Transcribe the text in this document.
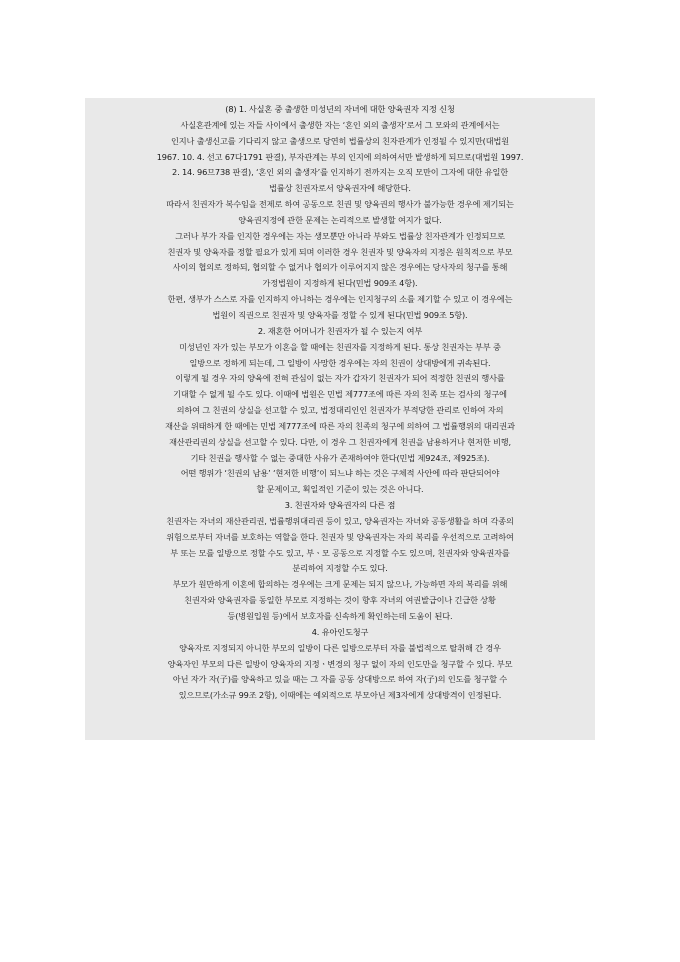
(8) 1. 사실혼 중 출생한 미성년의 자녀에 대한 양육권자 지정 신청
사실혼관계에 있는 자들 사이에서 출생한 자는 ‘혼인 외의 출생자’로서 그 모와의 관계에서는
인지나 출생신고를 기다리지 않고 출생으로 당연히 법률상의 친자관계가 인정될 수 있지만(대법원
1967. 10. 4. 선고 67다1791 판결), 부자관계는 부의 인지에 의하여서만 발생하게 되므로(대법원 1997.
2. 14. 96므738 판결), ‘혼인 외의 출생자’를 인지하기 전까지는 오직 모만이 그자에 대한 유일한
법률상 친권자로서 양육권자에 해당한다.
따라서 친권자가 복수임을 전제로 하여 공동으로 친권 및 양육권의 행사가 불가능한 경우에 제기되는
양육권지정에 관한 문제는 논리적으로 발생할 여지가 없다.
그러나 부가 자를 인지한 경우에는 자는 생모뿐만 아니라 부와도 법률상 친자관계가 인정되므로
친권자 및 양육자를 정할 필요가 있게 되며 이러한 경우 친권자 및 양육자의 지정은 원칙적으로 부모
사이의 협의로 정하되, 협의할 수 없거나 협의가 이루어지지 않은 경우에는 당사자의 청구를 통해
가정법원이 지정하게 된다(민법 909조 4항).
한편, 생부가 스스로 자를 인지하지 아니하는 경우에는 인지청구의 소를 제기할 수 있고 이 경우에는
법원이 직권으로 친권자 및 양육자를 정할 수 있게 된다(민법 909조 5항).
2. 재혼한 어머니가 친권자가 될 수 있는지 여부
미성년인 자가 있는 부모가 이혼을 할 때에는 친권자를 지정하게 된다. 통상 친권자는 부부 중
일방으로 정하게 되는데, 그 일방이 사망한 경우에는 자의 친권이 상대방에게 귀속된다.
이렇게 될 경우 자의 양육에 전혀 관심이 없는 자가 갑자기 친권자가 되어 적정한 친권의 행사를
기대할 수 없게 될 수도 있다. 이때에 법원은 민법 제777조에 따른 자의 친족 또는 검사의 청구에
의하여 그 친권의 상실을 선고할 수 있고, 법정대리인인 친권자가 부적당한 관리로 인하여 자의
재산을 위태하게 한 때에는 민법 제777조에 따른 자의 친족의 청구에 의하여 그 법률행위의 대리권과
재산관리권의 상실을 선고할 수 있다. 다만, 이 경우 그 친권자에게 친권을 남용하거나 현저한 비행,
기타 친권을 행사할 수 없는 중대한 사유가 존재하여야 한다(민법 제924조, 제925조).
어떤 행위가 ‘친권의 남용’ ‘현저한 비행’이 되느냐 하는 것은 구체적 사안에 따라 판단되어야
할 문제이고, 획일적인 기준이 있는 것은 아니다.
3. 친권자와 양육권자의 다른 점
친권자는 자녀의 재산관리권, 법률행위대리권 등이 있고, 양육권자는 자녀와 공동생활을 하며 각종의
위험으로부터 자녀를 보호하는 역할을 한다. 친권자 및 양육권자는 자의 복리를 우선적으로 고려하여
부 또는 모를 일방으로 정할 수도 있고, 부ㆍ모 공동으로 지정할 수도 있으며, 친권자와 양육권자를
분리하여 지정할 수도 있다.
부모가 원만하게 이혼에 합의하는 경우에는 크게 문제는 되지 않으나, 가능하면 자의 복리를 위해
친권자와 양육권자를 동일한 부모로 지정하는 것이 향후 자녀의 여권발급이나 긴급한 상황
등(병원입원 등)에서 보호자를 신속하게 확인하는데 도움이 된다.
4. 유아인도청구
양육자로 지정되지 아니한 부모의 일방이 다른 일방으로부터 자를 불법적으로 탈취해 간 경우
양육자인 부모의 다른 일방이 양육자의 지정ㆍ변경의 청구 없이 자의 인도만을 청구할 수 있다. 부모
아닌 자가 자(子)를 양육하고 있을 때는 그 자를 공동 상대방으로 하여 자(子)의 인도를 청구할 수
있으므로(가소규 99조 2항), 이때에는 예외적으로 부모아닌 제3자에게 상대방격이 인정된다.
